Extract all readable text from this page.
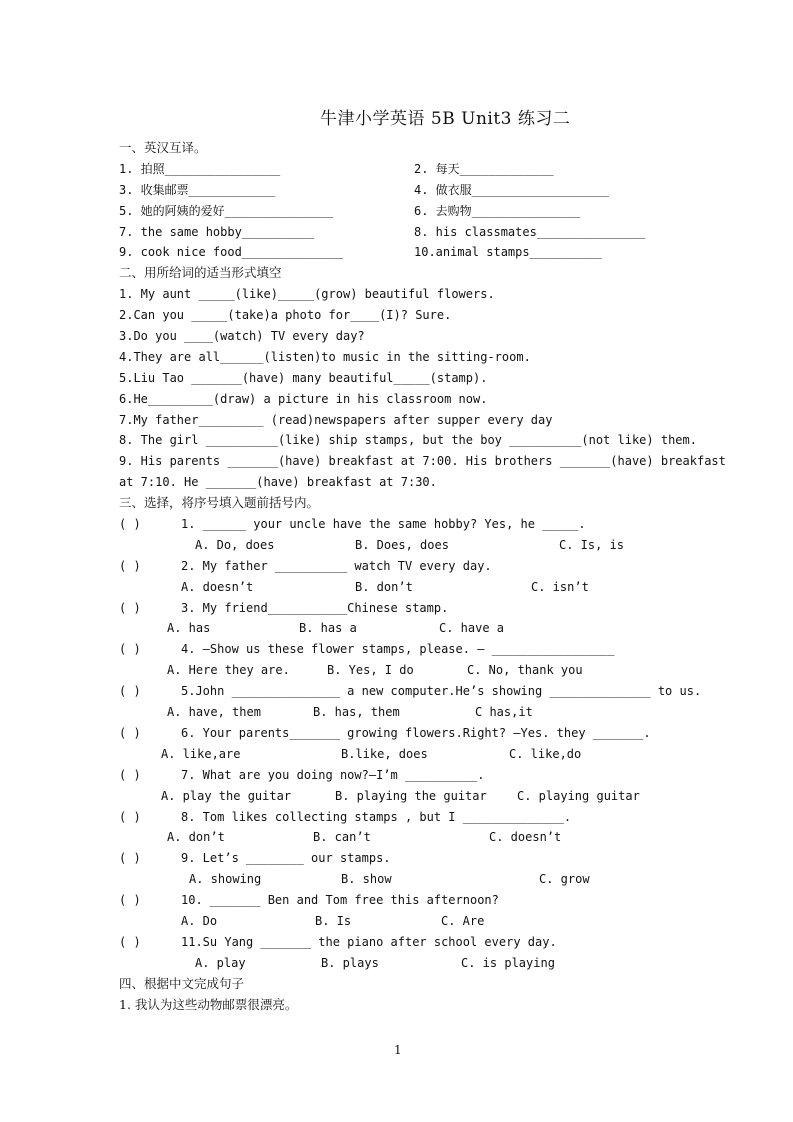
牛津小学英语 5B Unit3 练习二
一、英汉互译。
1. 拍照________________	2. 每天_____________
3. 收集邮票____________	4. 做衣服___________________
5. 她的阿姨的爱好_______________	6. 去购物_______________
7. the same hobby__________	8. his classmates_______________
9. cook nice food______________	10.animal stamps__________
二、用所给词的适当形式填空
1. My aunt _____(like)_____(grow) beautiful flowers.
2.Can you _____(take)a photo for____(I)? Sure.
3.Do you ____(watch) TV every day?
4.They are all______(listen)to music in the sitting-room.
5.Liu Tao _______(have) many beautiful_____(stamp).
6.He_________(draw) a picture in his classroom now.
7.My father_________ (read)newspapers after supper every day
8. The girl __________(like) ship stamps, but the boy __________(not like) them.
9. His parents _______(have) breakfast at 7:00. His brothers _______(have) breakfast
at 7:10. He _______(have) breakfast at 7:30.
三、选择，将序号填入题前括号内。
( )	1. ______ your uncle have the same hobby? Yes, he _____.
A. Do, does	B. Does, does	C. Is, is
( )	2. My father __________ watch TV every day.
A. doesn’t	B. don’t	C. isn’t
( )	3. My friend___________Chinese stamp.
A. has	B. has a	C. have a
( )	4. —Show us these flower stamps, please. — _________________
A. Here they are.	B. Yes, I do	C. No, thank you
( )	5.John _______________ a new computer.He’s showing ______________ to us.
A. have, them	B. has, them	C has,it
( )	6. Your parents_______ growing flowers.Right? —Yes. they _______.
A. like,are	B.like, does	C. like,do
( )	7. What are you doing now?—I’m __________.
A. play the guitar	B. playing the guitar	C. playing guitar
( )	8. Tom likes collecting stamps , but I ______________.
A. don’t	B. can’t	C. doesn’t
( )	9. Let’s ________ our stamps.
A. showing	B. show	C. grow
( )	10. _______ Ben and Tom free this afternoon?
A. Do	B. Is	C. Are
( )	11.Su Yang _______ the piano after school every day.
A. play	B. plays	C. is playing
四、根据中文完成句子
1. 我认为这些动物邮票很漂亮。
1
